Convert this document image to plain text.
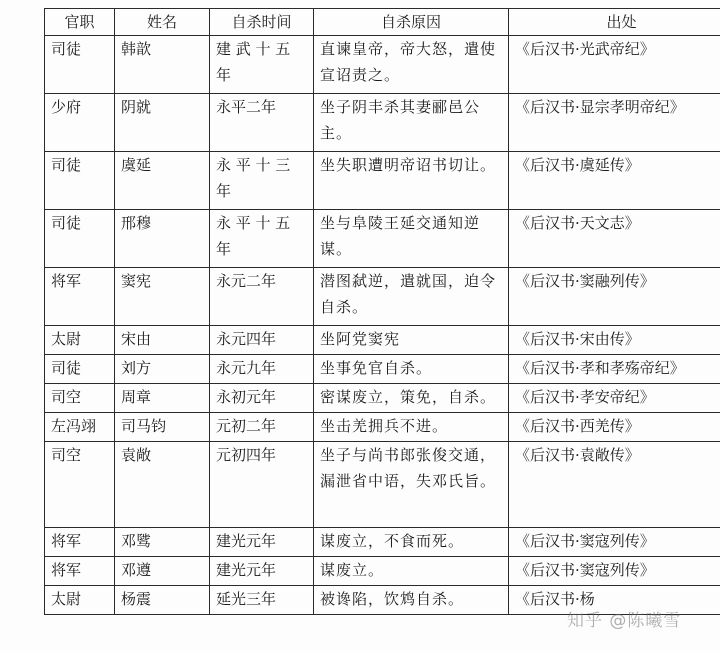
官职	姓名	自杀时间	自杀原因	出处
司徒	韩歆	建 武 十 五 年	直谏皇帝，帝大怒，遣使宣诏责之。	《后汉书·光武帝纪》
少府	阴就	永平二年	坐子阴丰杀其妻郦邑公主。	《后汉书·显宗孝明帝纪》
司徒	虞延	永 平 十 三 年	坐失职遭明帝诏书切让。	《后汉书·虞延传》
司徒	邢穆	永 平 十 五 年	坐与阜陵王延交通知逆谋。	《后汉书·天文志》
将军	窦宪	永元二年	潜图弑逆，遣就国，迫令自杀。	《后汉书·窦融列传》
太尉	宋由	永元四年	坐阿党窦宪	《后汉书·宋由传》
司徒	刘方	永元九年	坐事免官自杀。	《后汉书·孝和孝殇帝纪》
司空	周章	永初元年	密谋废立，策免，自杀。	《后汉书·孝安帝纪》
左冯翊	司马钧	元初二年	坐击羌拥兵不进。	《后汉书·西羌传》
司空	袁敞	元初四年	坐子与尚书郎张俊交通，漏泄省中语，失邓氏旨。	《后汉书·袁敞传》
将军	邓骘	建光元年	谋废立，不食而死。	《后汉书·窦寇列传》
将军	邓遵	建光元年	谋废立。	《后汉书·窦寇列传》
太尉	杨震	延光三年	被谗陷，饮鸩自杀。	《后汉书·杨
知乎 @陈曦雪
